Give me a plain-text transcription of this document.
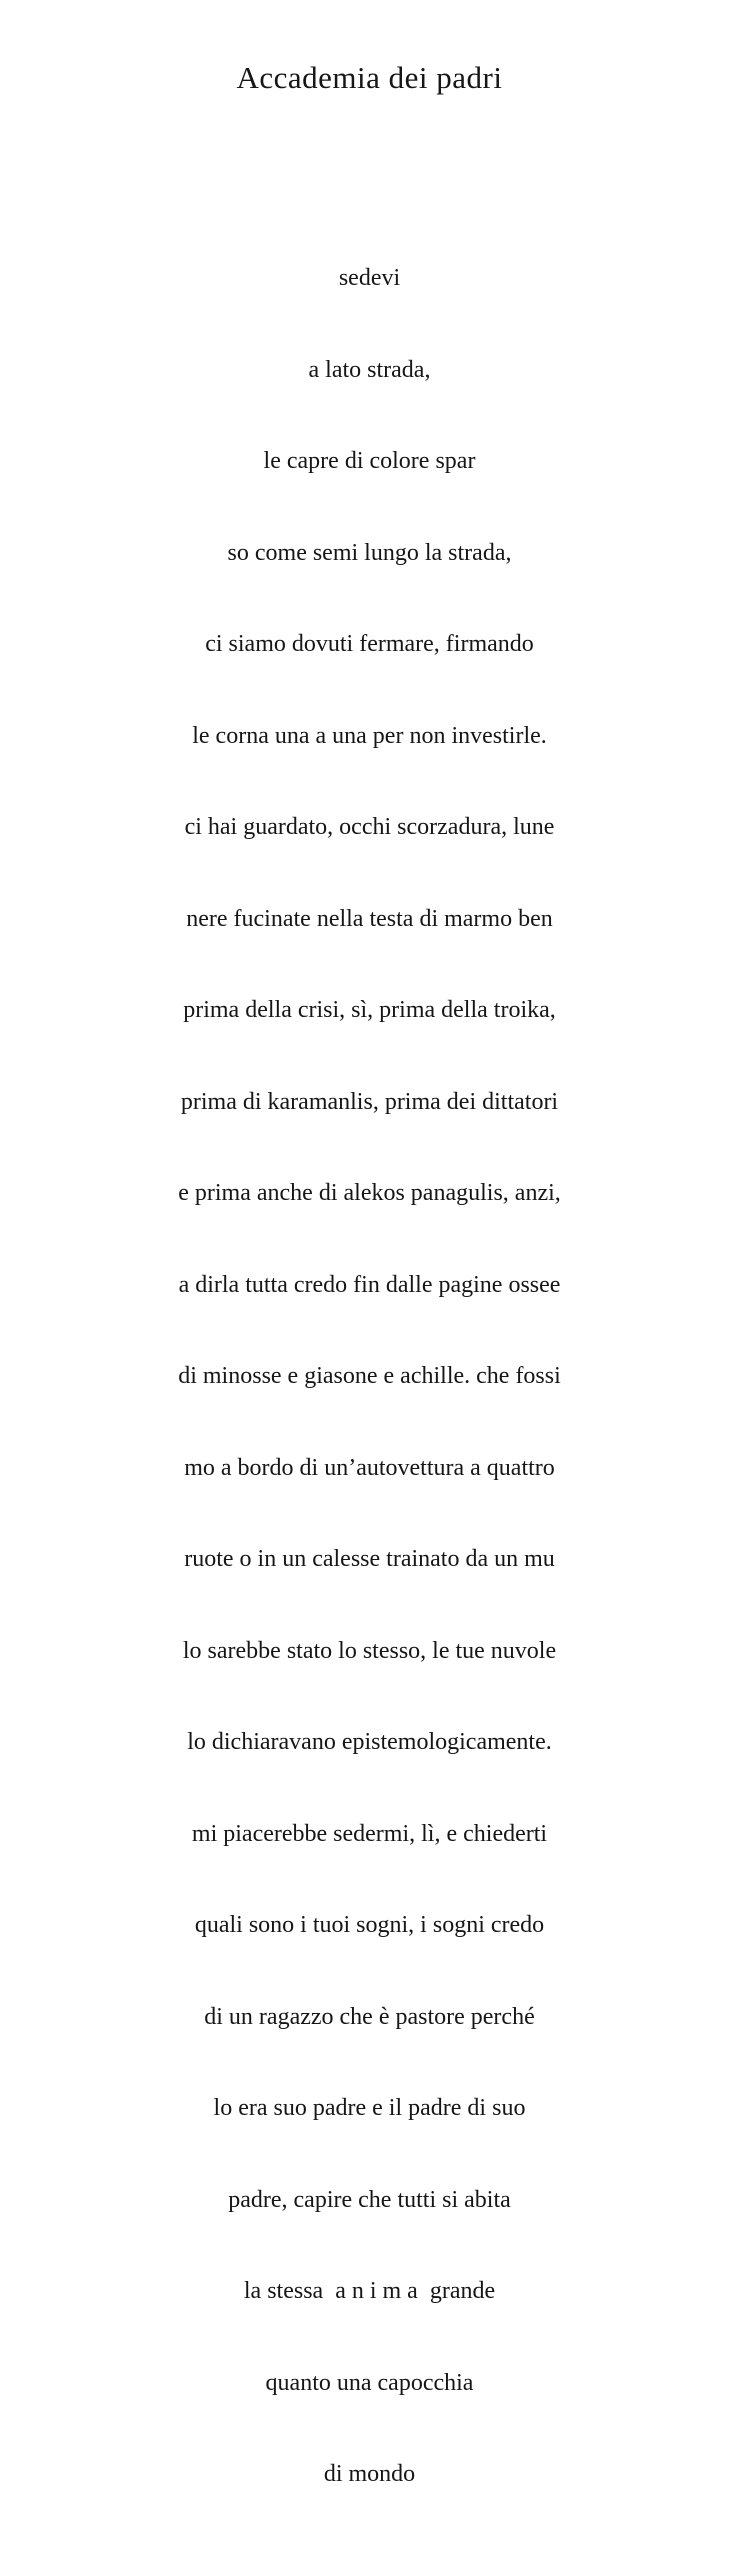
Accademia dei padri

sedevi

a lato strada,

le capre di colore spar

so come semi lungo la strada,

ci siamo dovuti fermare, firmando

le corna una a una per non investirle.

ci hai guardato, occhi scorzadura, lune

nere fucinate nella testa di marmo ben

prima della crisi, sì, prima della troika,

prima di karamanlis, prima dei dittatori

e prima anche di alekos panagulis, anzi,

a dirla tutta credo fin dalle pagine ossee

di minosse e giasone e achille. che fossi

mo a bordo di un’autovettura a quattro

ruote o in un calesse trainato da un mu

lo sarebbe stato lo stesso, le tue nuvole

lo dichiaravano epistemologicamente.

mi piacerebbe sedermi, lì, e chiederti

quali sono i tuoi sogni, i sogni credo

di un ragazzo che è pastore perché

lo era suo padre e il padre di suo

padre, capire che tutti si abita

la stessa  a n i m a  grande

quanto una capocchia

di mondo
